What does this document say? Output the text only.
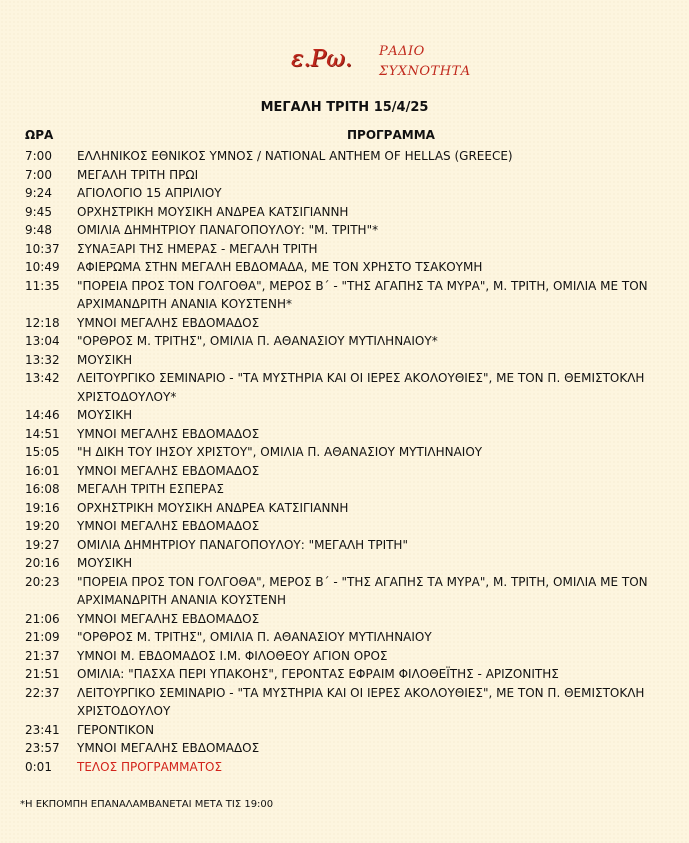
ε.Ρω. ΡΑΔΙΟ
ΣΥΧΝΟΤΗΤΑ
ΜΕΓΑΛΗ ΤΡΙΤΗ 15/4/25
ΩΡΑ	ΠΡΟΓΡΑΜΜΑ
7:00	ΕΛΛΗΝΙΚΟΣ ΕΘΝΙΚΟΣ ΥΜΝΟΣ / NATIONAL ANTHEM OF HELLAS (GREECE)
7:00	ΜΕΓΑΛΗ ΤΡΙΤΗ ΠΡΩΙ
9:24	ΑΓΙΟΛΟΓΙΟ 15 ΑΠΡΙΛΙΟΥ
9:45	ΟΡΧΗΣΤΡΙΚΗ ΜΟΥΣΙΚΗ ΑΝΔΡΕΑ ΚΑΤΣΙΓΙΑΝΝΗ
9:48	ΟΜΙΛΙΑ ΔΗΜΗΤΡΙΟΥ ΠΑΝΑΓΟΠΟΥΛΟΥ: "Μ. ΤΡΙΤΗ"*
10:37	ΣΥΝΑΞΑΡΙ ΤΗΣ ΗΜΕΡΑΣ - ΜΕΓΑΛΗ ΤΡΙΤΗ
10:49	ΑΦΙΕΡΩΜΑ ΣΤΗΝ ΜΕΓΑΛΗ ΕΒΔΟΜΑΔΑ, ΜΕ ΤΟΝ ΧΡΗΣΤΟ ΤΣΑΚΟΥΜΗ
11:35	"ΠΟΡΕΙΑ ΠΡΟΣ ΤΟΝ ΓΟΛΓΟΘΑ", ΜΕΡΟΣ Β΄ - "ΤΗΣ ΑΓΑΠΗΣ ΤΑ ΜΥΡΑ", Μ. ΤΡΙΤΗ, ΟΜΙΛΙΑ ΜΕ ΤΟΝ ΑΡΧΙΜΑΝΔΡΙΤΗ ΑΝΑΝΙΑ ΚΟΥΣΤΕΝΗ*
12:18	ΥΜΝΟΙ ΜΕΓΑΛΗΣ ΕΒΔΟΜΑΔΟΣ
13:04	"ΟΡΘΡΟΣ Μ. ΤΡΙΤΗΣ", ΟΜΙΛΙΑ Π. ΑΘΑΝΑΣΙΟΥ ΜΥΤΙΛΗΝΑΙΟΥ*
13:32	ΜΟΥΣΙΚΗ
13:42	ΛΕΙΤΟΥΡΓΙΚΟ ΣΕΜΙΝΑΡΙΟ - "ΤΑ ΜΥΣΤΗΡΙΑ ΚΑΙ ΟΙ ΙΕΡΕΣ ΑΚΟΛΟΥΘΙΕΣ", ΜΕ ΤΟΝ Π. ΘΕΜΙΣΤΟΚΛΗ ΧΡΙΣΤΟΔΟΥΛΟΥ*
14:46	ΜΟΥΣΙΚΗ
14:51	ΥΜΝΟΙ ΜΕΓΑΛΗΣ ΕΒΔΟΜΑΔΟΣ
15:05	"Η ΔΙΚΗ ΤΟΥ ΙΗΣΟΥ ΧΡΙΣΤΟΥ", ΟΜΙΛΙΑ Π. ΑΘΑΝΑΣΙΟΥ ΜΥΤΙΛΗΝΑΙΟΥ
16:01	ΥΜΝΟΙ ΜΕΓΑΛΗΣ ΕΒΔΟΜΑΔΟΣ
16:08	ΜΕΓΑΛΗ ΤΡΙΤΗ ΕΣΠΕΡΑΣ
19:16	ΟΡΧΗΣΤΡΙΚΗ ΜΟΥΣΙΚΗ ΑΝΔΡΕΑ ΚΑΤΣΙΓΙΑΝΝΗ
19:20	ΥΜΝΟΙ ΜΕΓΑΛΗΣ ΕΒΔΟΜΑΔΟΣ
19:27	ΟΜΙΛΙΑ ΔΗΜΗΤΡΙΟΥ ΠΑΝΑΓΟΠΟΥΛΟΥ: "ΜΕΓΑΛΗ ΤΡΙΤΗ"
20:16	ΜΟΥΣΙΚΗ
20:23	"ΠΟΡΕΙΑ ΠΡΟΣ ΤΟΝ ΓΟΛΓΟΘΑ", ΜΕΡΟΣ Β΄ - "ΤΗΣ ΑΓΑΠΗΣ ΤΑ ΜΥΡΑ", Μ. ΤΡΙΤΗ, ΟΜΙΛΙΑ ΜΕ ΤΟΝ ΑΡΧΙΜΑΝΔΡΙΤΗ ΑΝΑΝΙΑ ΚΟΥΣΤΕΝΗ
21:06	ΥΜΝΟΙ ΜΕΓΑΛΗΣ ΕΒΔΟΜΑΔΟΣ
21:09	"ΟΡΘΡΟΣ Μ. ΤΡΙΤΗΣ", ΟΜΙΛΙΑ Π. ΑΘΑΝΑΣΙΟΥ ΜΥΤΙΛΗΝΑΙΟΥ
21:37	ΥΜΝΟΙ Μ. ΕΒΔΟΜΑΔΟΣ Ι.Μ. ΦΙΛΟΘΕΟΥ ΑΓΙΟΝ ΟΡΟΣ
21:51	ΟΜΙΛΙΑ: "ΠΑΣΧΑ ΠΕΡΙ ΥΠΑΚΟΗΣ", ΓΕΡΟΝΤΑΣ ΕΦΡΑΙΜ ΦΙΛΟΘΕΪΤΗΣ - ΑΡΙΖΟΝΙΤΗΣ
22:37	ΛΕΙΤΟΥΡΓΙΚΟ ΣΕΜΙΝΑΡΙΟ - "ΤΑ ΜΥΣΤΗΡΙΑ ΚΑΙ ΟΙ ΙΕΡΕΣ ΑΚΟΛΟΥΘΙΕΣ", ΜΕ ΤΟΝ Π. ΘΕΜΙΣΤΟΚΛΗ ΧΡΙΣΤΟΔΟΥΛΟΥ
23:41	ΓΕΡΟΝΤΙΚΟΝ
23:57	ΥΜΝΟΙ ΜΕΓΑΛΗΣ ΕΒΔΟΜΑΔΟΣ
0:01	ΤΕΛΟΣ ΠΡΟΓΡΑΜΜΑΤΟΣ
*Η ΕΚΠΟΜΠΗ ΕΠΑΝΑΛΑΜΒΑΝΕΤΑΙ ΜΕΤΑ ΤΙΣ 19:00
